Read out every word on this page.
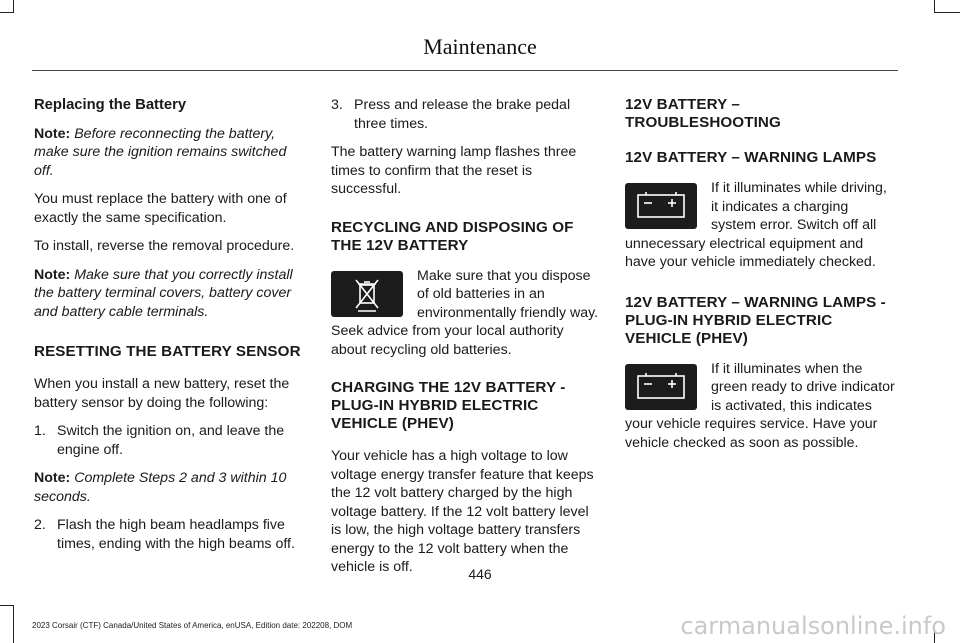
Maintenance
Replacing the Battery

Note: Before reconnecting the battery, make sure the ignition remains switched off.

You must replace the battery with one of exactly the same specification.

To install, reverse the removal procedure.

Note: Make sure that you correctly install the battery terminal covers, battery cover and battery cable terminals.

RESETTING THE BATTERY SENSOR

When you install a new battery, reset the battery sensor by doing the following:

1. Switch the ignition on, and leave the engine off.

Note: Complete Steps 2 and 3 within 10 seconds.

2. Flash the high beam headlamps five times, ending with the high beams off.
3. Press and release the brake pedal three times.

The battery warning lamp flashes three times to confirm that the reset is successful.

RECYCLING AND DISPOSING OF THE 12V BATTERY
Make sure that you dispose of old batteries in an environmentally friendly way. Seek advice from your local authority about recycling old batteries.
CHARGING THE 12V BATTERY - PLUG-IN HYBRID ELECTRIC VEHICLE (PHEV)

Your vehicle has a high voltage to low voltage energy transfer feature that keeps the 12 volt battery charged by the high voltage battery. If the 12 volt battery level is low, the high voltage battery transfers energy to the 12 volt battery when the vehicle is off.

12V BATTERY – TROUBLESHOOTING
12V BATTERY – WARNING LAMPS
If it illuminates while driving, it indicates a charging system error. Switch off all unnecessary electrical equipment and have your vehicle immediately checked.
12V BATTERY – WARNING LAMPS - PLUG-IN HYBRID ELECTRIC VEHICLE (PHEV)
If it illuminates when the green ready to drive indicator is activated, this indicates your vehicle requires service. Have your vehicle checked as soon as possible.
446
2023 Corsair (CTF) Canada/United States of America, enUSA, Edition date: 202208, DOM	carmanualsonline.info
